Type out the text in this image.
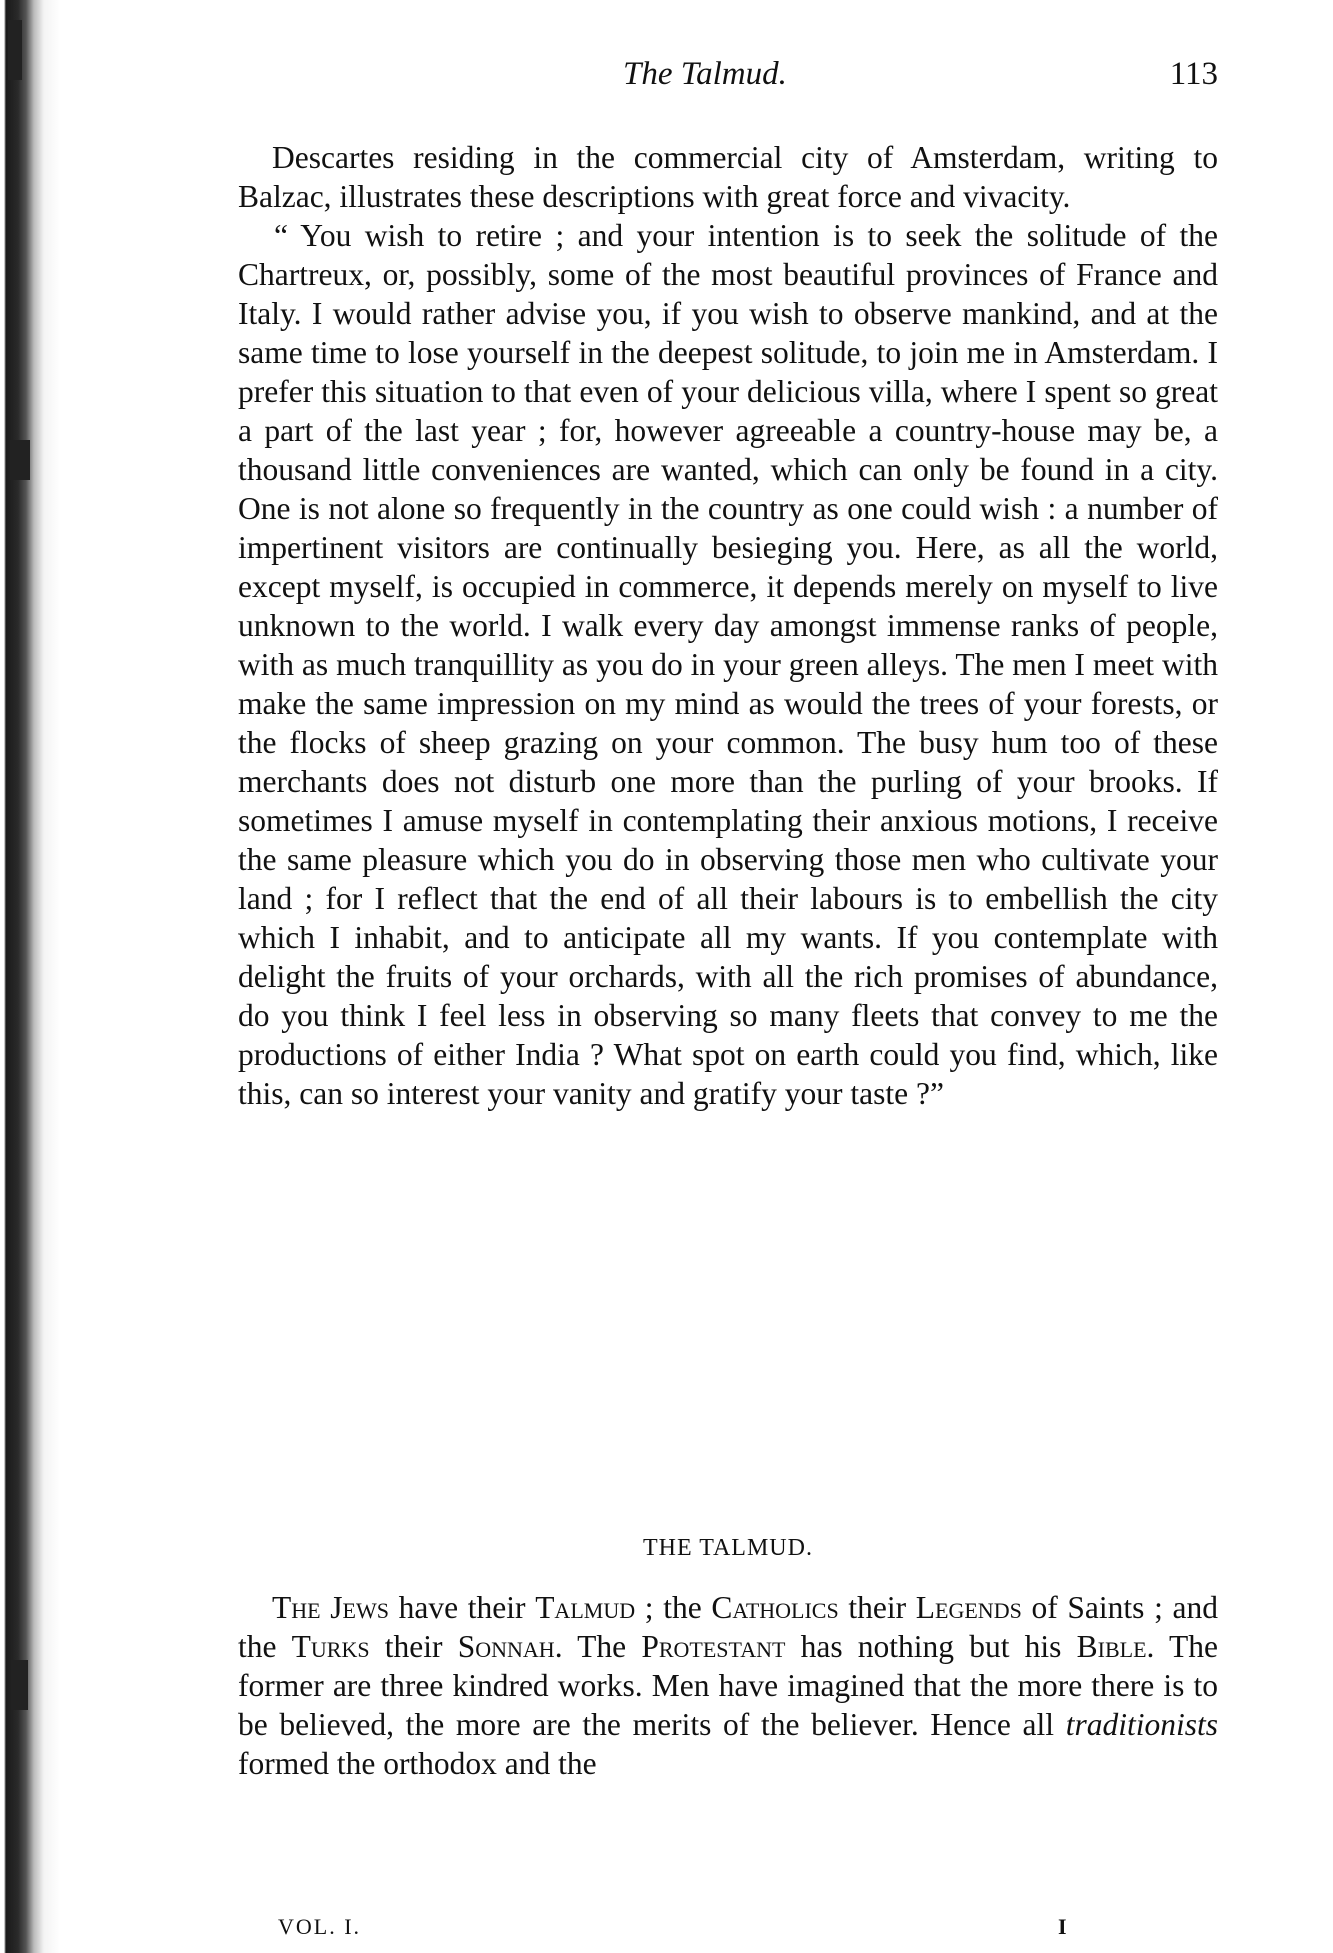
The Talmud.	113

Descartes residing in the commercial city of Amsterdam, writing to Balzac, illustrates these descriptions with great force and vivacity.

“ You wish to retire ; and your intention is to seek the solitude of the Chartreux, or, possibly, some of the most beautiful provinces of France and Italy. I would rather advise you, if you wish to observe mankind, and at the same time to lose yourself in the deepest solitude, to join me in Amsterdam. I prefer this situation to that even of your delicious villa, where I spent so great a part of the last year ; for, however agreeable a country-house may be, a thousand little conveniences are wanted, which can only be found in a city. One is not alone so frequently in the country as one could wish : a number of impertinent visitors are continually besieging you. Here, as all the world, except myself, is occupied in commerce, it depends merely on myself to live unknown to the world. I walk every day amongst immense ranks of people, with as much tranquillity as you do in your green alleys. The men I meet with make the same impression on my mind as would the trees of your forests, or the flocks of sheep grazing on your common. The busy hum too of these merchants does not disturb one more than the purling of your brooks. If sometimes I amuse myself in contemplating their anxious motions, I receive the same pleasure which you do in observing those men who cultivate your land ; for I reflect that the end of all their labours is to embellish the city which I inhabit, and to anticipate all my wants. If you contemplate with delight the fruits of your orchards, with all the rich promises of abundance, do you think I feel less in observing so many fleets that convey to me the productions of either India ? What spot on earth could you find, which, like this, can so interest your vanity and gratify your taste ?”

THE TALMUD.

The Jews have their Talmud ; the Catholics their Legends of Saints ; and the Turks their Sonnah. The Protestant has nothing but his Bible. The former are three kindred works. Men have imagined that the more there is to be believed, the more are the merits of the believer. Hence all traditionists formed the orthodox and the

VOL. I.	I
